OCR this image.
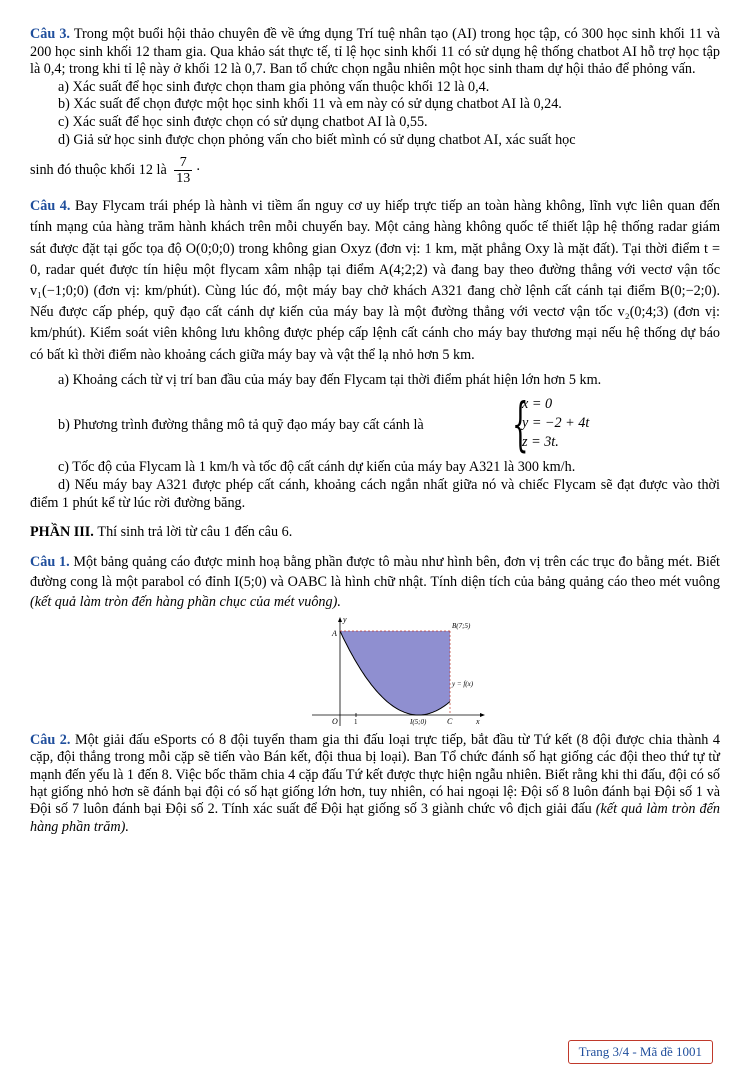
Câu 3. Trong một buổi hội thảo chuyên đề về ứng dụng Trí tuệ nhân tạo (AI) trong học tập, có 300 học sinh khối 11 và 200 học sinh khối 12 tham gia. Qua khảo sát thực tế, tỉ lệ học sinh khối 11 có sử dụng hệ thống chatbot AI hỗ trợ học tập là 0,4; trong khi tỉ lệ này ở khối 12 là 0,7. Ban tổ chức chọn ngẫu nhiên một học sinh tham dự hội thảo để phỏng vấn.

a) Xác suất để học sinh được chọn tham gia phỏng vấn thuộc khối 12 là 0,4.

b) Xác suất để chọn được một học sinh khối 11 và em này có sử dụng chatbot AI là 0,24.

c) Xác suất để học sinh được chọn có sử dụng chatbot AI là 0,55.

d) Giả sử học sinh được chọn phỏng vấn cho biết mình có sử dụng chatbot AI, xác suất học

sinh đó thuộc khối 12 là $\frac{7}{13}$ ·

Câu 4. Bay Flycam trái phép là hành vi tiềm ẩn nguy cơ uy hiếp trực tiếp an toàn hàng không, lĩnh vực liên quan đến tính mạng của hàng trăm hành khách trên mỗi chuyến bay. Một cảng hàng không quốc tế thiết lập hệ thống radar giám sát được đặt tại gốc tọa độ O(0;0;0) trong không gian Oxyz (đơn vị: 1 km, mặt phẳng Oxy là mặt đất). Tại thời điểm t = 0, radar quét được tín hiệu một flycam xâm nhập tại điểm A(4;2;2) và đang bay theo đường thẳng với vectơ vận tốc v₁(−1;0;0) (đơn vị: km/phút). Cùng lúc đó, một máy bay chở khách A321 đang chờ lệnh cất cánh tại điểm B(0;−2;0). Nếu được cấp phép, quỹ đạo cất cánh dự kiến của máy bay là một đường thẳng với vectơ vận tốc v₂(0;4;3) (đơn vị: km/phút). Kiểm soát viên không lưu không được phép cấp lệnh cất cánh cho máy bay thương mại nếu hệ thống dự báo có bất kì thời điểm nào khoảng cách giữa máy bay và vật thể lạ nhỏ hơn 5 km.

a) Khoảng cách từ vị trí ban đầu của máy bay đến Flycam tại thời điểm phát hiện lớn hơn 5 km.

b) Phương trình đường thẳng mô tả quỹ đạo máy bay cất cánh là {
x = 0
y = −2 + 4t
z = 3t.

c) Tốc độ của Flycam là 1 km/h và tốc độ cất cánh dự kiến của máy bay A321 là 300 km/h.

d) Nếu máy bay A321 được phép cất cánh, khoảng cách ngắn nhất giữa nó và chiếc Flycam sẽ đạt được vào thời điểm 1 phút kể từ lúc rời đường băng.

PHẦN III. Thí sinh trả lời từ câu 1 đến câu 6.

Câu 1. Một bảng quảng cáo được minh hoạ bằng phần được tô màu như hình bên, đơn vị trên các trục đo bằng mét. Biết đường cong là một parabol có đỉnh I(5;0) và OABC là hình chữ nhật. Tính diện tích của bảng quảng cáo theo mét vuông (kết quả làm tròn đến hàng phần chục của mét vuông).

y
A
B(7;5)
O 1	I(5;0)	C	x
y = f(x)

Câu 2. Một giải đấu eSports có 8 đội tuyển tham gia thi đấu loại trực tiếp, bắt đầu từ Tứ kết (8 đội được chia thành 4 cặp, đội thắng trong mỗi cặp sẽ tiến vào Bán kết, đội thua bị loại). Ban Tổ chức đánh số hạt giống các đội theo thứ tự từ mạnh đến yếu là 1 đến 8. Việc bốc thăm chia 4 cặp đấu Tứ kết được thực hiện ngẫu nhiên. Biết rằng khi thi đấu, đội có số hạt giống nhỏ hơn sẽ đánh bại đội có số hạt giống lớn hơn, tuy nhiên, có hai ngoại lệ: Đội số 8 luôn đánh bại Đội số 1 và Đội số 7 luôn đánh bại Đội số 2. Tính xác suất để Đội hạt giống số 3 giành chức vô địch giải đấu (kết quả làm tròn đến hàng phần trăm).

Trang 3/4 - Mã đề 1001
